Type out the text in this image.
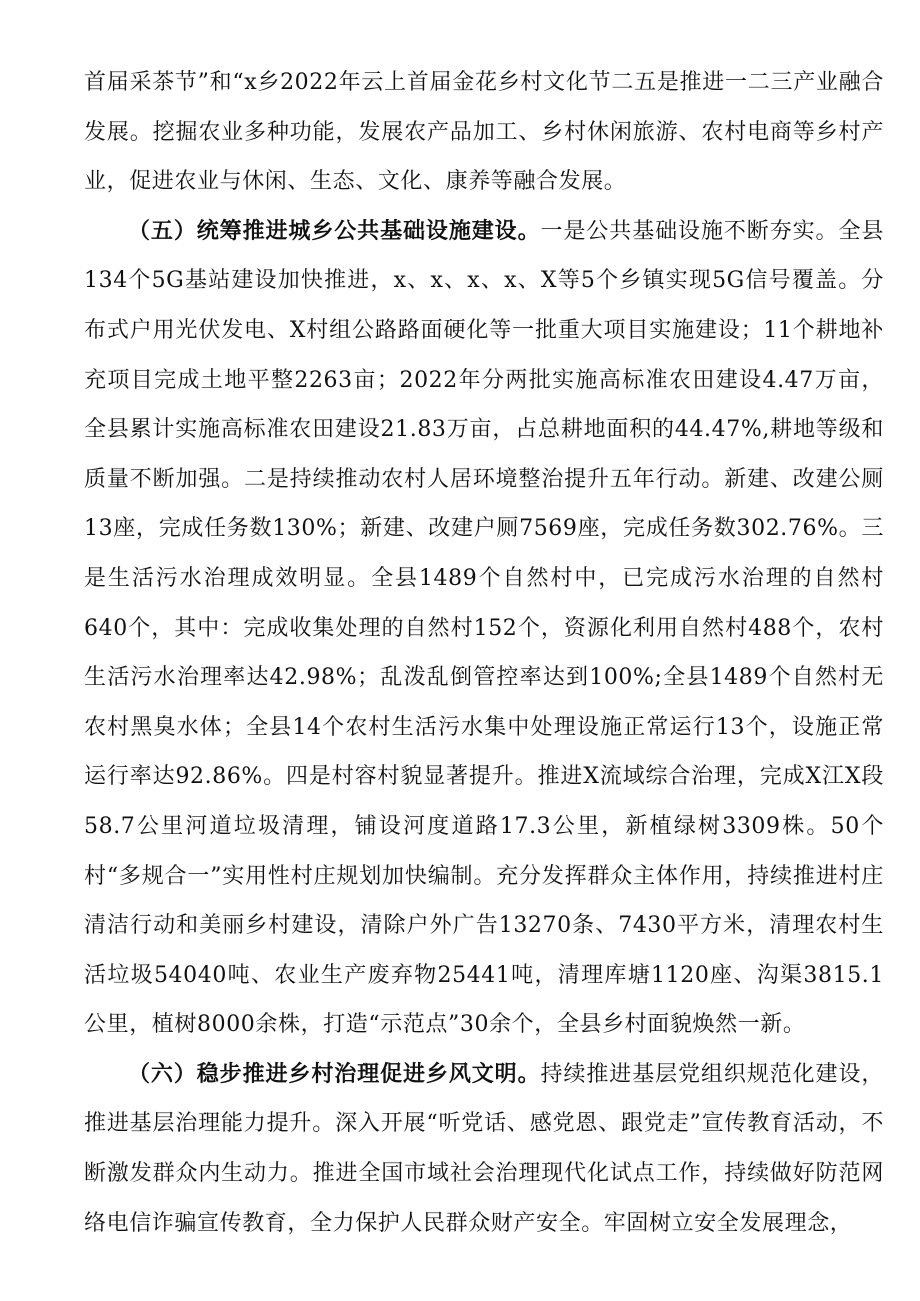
首届采茶节”和“x乡2022年云上首届金花乡村文化节二五是推进一二三产业融合发展。挖掘农业多种功能，发展农产品加工、乡村休闲旅游、农村电商等乡村产业，促进农业与休闲、生态、文化、康养等融合发展。

（五）统筹推进城乡公共基础设施建设。一是公共基础设施不断夯实。全县134个5G基站建设加快推进，x、x、x、x、X等5个乡镇实现5G信号覆盖。分布式户用光伏发电、X村组公路路面硬化等一批重大项目实施建设；11个耕地补充项目完成土地平整2263亩；2022年分两批实施高标准农田建设4.47万亩，全县累计实施高标准农田建设21.83万亩，占总耕地面积的44.47%,耕地等级和质量不断加强。二是持续推动农村人居环境整治提升五年行动。新建、改建公厕13座，完成任务数130%；新建、改建户厕7569座，完成任务数302.76%。三是生活污水治理成效明显。全县1489个自然村中，已完成污水治理的自然村640个，其中：完成收集处理的自然村152个，资源化利用自然村488个，农村生活污水治理率达42.98%；乱泼乱倒管控率达到100%;全县1489个自然村无农村黑臭水体；全县14个农村生活污水集中处理设施正常运行13个，设施正常运行率达92.86%。四是村容村貌显著提升。推进X流域综合治理，完成X江X段58.7公里河道垃圾清理，铺设河度道路17.3公里，新植绿树3309株。50个村“多规合一”实用性村庄规划加快编制。充分发挥群众主体作用，持续推进村庄清洁行动和美丽乡村建设，清除户外广告13270条、7430平方米，清理农村生活垃圾54040吨、农业生产废弃物25441吨，清理库塘1120座、沟渠3815.1公里，植树8000余株，打造“示范点”30余个，全县乡村面貌焕然一新。

（六）稳步推进乡村治理促进乡风文明。持续推进基层党组织规范化建设，推进基层治理能力提升。深入开展“听党话、感党恩、跟党走”宣传教育活动，不断激发群众内生动力。推进全国市域社会治理现代化试点工作，持续做好防范网络电信诈骗宣传教育，全力保护人民群众财产安全。牢固树立安全发展理念，
